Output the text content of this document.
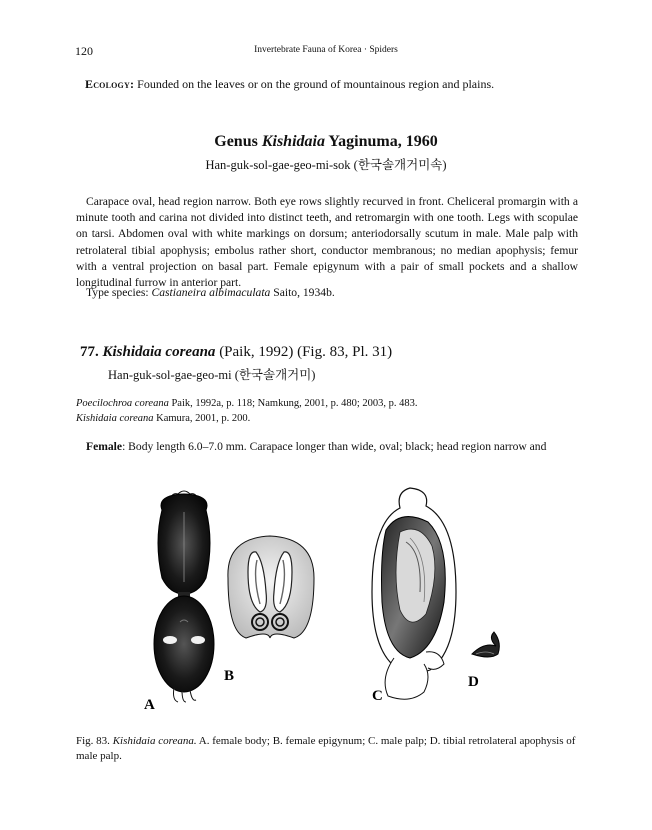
120	Invertebrate Fauna of Korea · Spiders
Ecology: Founded on the leaves or on the ground of mountainous region and plains.
Genus Kishidaia Yaginuma, 1960
Han-guk-sol-gae-geo-mi-sok (한국솔개거미속)

Carapace oval, head region narrow. Both eye rows slightly recurved in front. Cheliceral promargin with a minute tooth and carina not divided into distinct teeth, and retromargin with one tooth. Legs with scopulae on tarsi. Abdomen oval with white markings on dorsum; anteriodorsally scutum in male. Male palp with retrolateral tibial apophysis; embolus rather short, conductor membranous; no median apophysis; femur with a ventral projection on basal part. Female epigynum with a pair of small pockets and a shallow longitudinal furrow in anterior part.

Type species: Castianeira albimaculata Saito, 1934b.
77. Kishidaia coreana (Paik, 1992) (Fig. 83, Pl. 31)
Han-guk-sol-gae-geo-mi (한국솔개거미)
Poecilochroa coreana Paik, 1992a, p. 118; Namkung, 2001, p. 480; 2003, p. 483.
Kishidaia coreana Kamura, 2001, p. 200.
Female: Body length 6.0–7.0 mm. Carapace longer than wide, oval; black; head region narrow and
A
B
C
D
Fig. 83. Kishidaia coreana. A. female body; B. female epigynum; C. male palp; D. tibial retrolateral apophysis of male palp.
